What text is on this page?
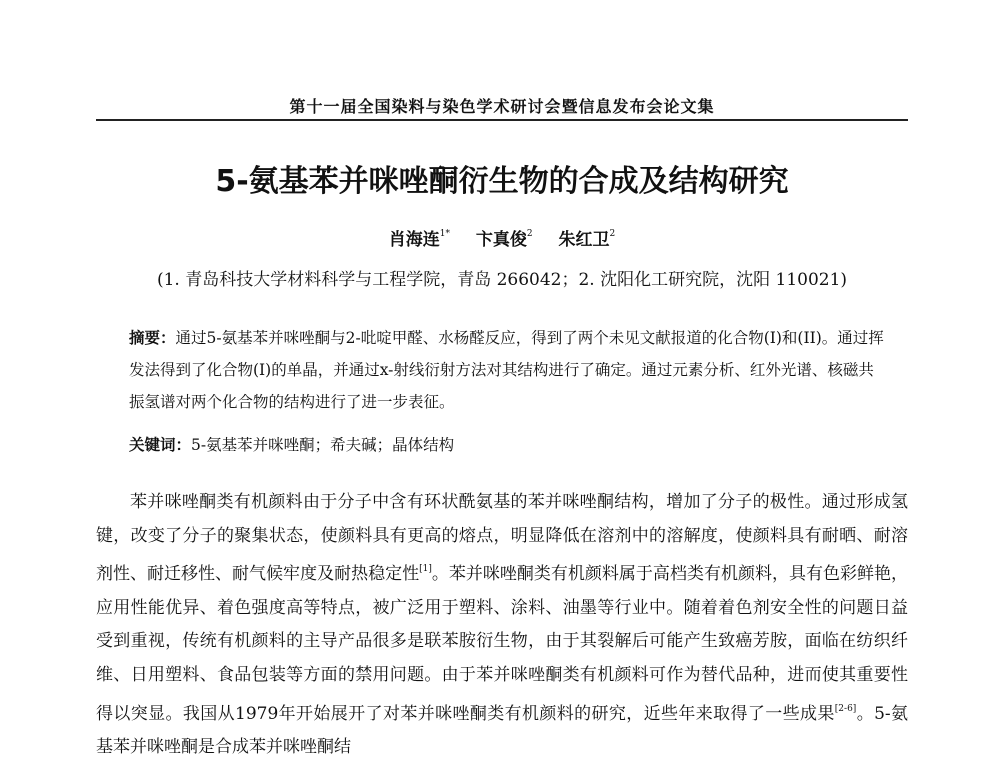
第十一届全国染料与染色学术研讨会暨信息发布会论文集
5-氨基苯并咪唑酮衍生物的合成及结构研究
肖海连$^{1*}$ 卞真俊$^2$ 朱红卫$^2$
(1. 青岛科技大学材料科学与工程学院，青岛 266042；2. 沈阳化工研究院，沈阳 110021)
摘要：通过5-氨基苯并咪唑酮与2-吡啶甲醛、水杨醛反应，得到了两个未见文献报道的化合物(I)和(II)。通过挥发法得到了化合物(I)的单晶，并通过x-射线衍射方法对其结构进行了确定。通过元素分析、红外光谱、核磁共振氢谱对两个化合物的结构进行了进一步表征。
关键词：5-氨基苯并咪唑酮；希夫碱；晶体结构

苯并咪唑酮类有机颜料由于分子中含有环状酰氨基的苯并咪唑酮结构，增加了分子的极性。通过形成氢键，改变了分子的聚集状态，使颜料具有更高的熔点，明显降低在溶剂中的溶解度，使颜料具有耐晒、耐溶剂性、耐迁移性、耐气候牢度及耐热稳定性[1]。苯并咪唑酮类有机颜料属于高档类有机颜料，具有色彩鲜艳，应用性能优异、着色强度高等特点，被广泛用于塑料、涂料、油墨等行业中。随着着色剂安全性的问题日益受到重视，传统有机颜料的主导产品很多是联苯胺衍生物，由于其裂解后可能产生致癌芳胺，面临在纺织纤维、日用塑料、食品包装等方面的禁用问题。由于苯并咪唑酮类有机颜料可作为替代品种，进而使其重要性得以突显。我国从1979年开始展开了对苯并咪唑酮类有机颜料的研究，近些年来取得了一些成果[2-6]。5-氨基苯并咪唑酮是合成苯并咪唑酮结
